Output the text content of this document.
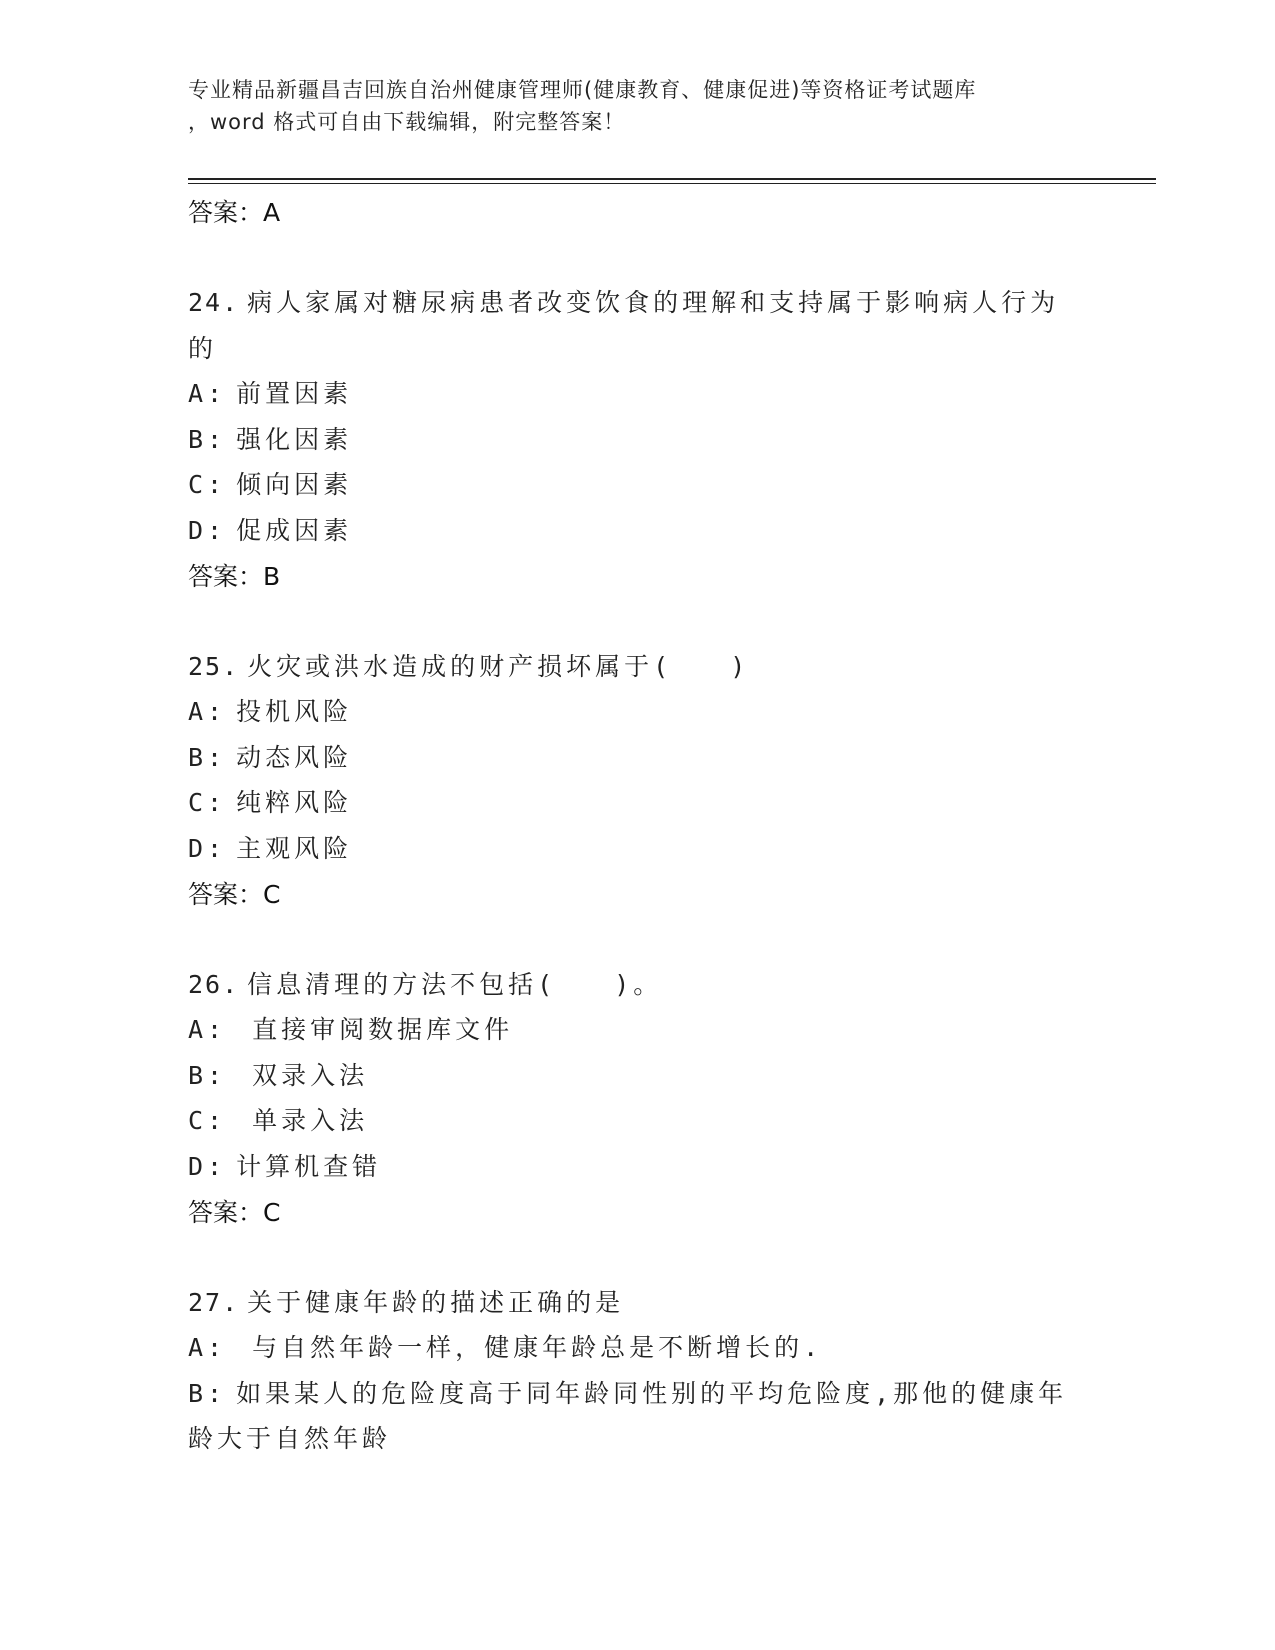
专业精品新疆昌吉回族自治州健康管理师(健康教育、健康促进)等资格证考试题库
，word 格式可自由下载编辑，附完整答案！
答案：A
24. 病人家属对糖尿病患者改变饮食的理解和支持属于影响病人行为的
A: 前置因素
B: 强化因素
C: 倾向因素
D: 促成因素
答案：B
25. 火灾或洪水造成的财产损坏属于(　　)
A: 投机风险
B: 动态风险
C: 纯粹风险
D: 主观风险
答案：C
26. 信息清理的方法不包括(　　)。
A: 直接审阅数据库文件
B: 双录入法
C: 单录入法
D: 计算机查错
答案：C
27. 关于健康年龄的描述正确的是
A: 与自然年龄一样，健康年龄总是不断增长的.
B: 如果某人的危险度高于同年龄同性别的平均危险度,那他的健康年龄大于自然年龄
